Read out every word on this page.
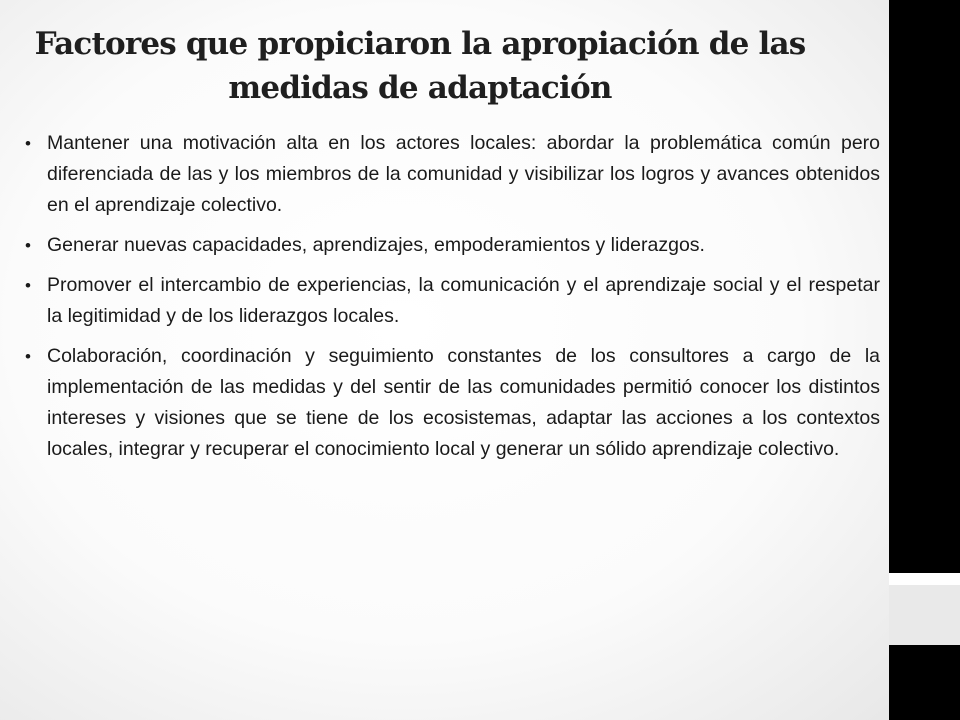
Factores que propiciaron la apropiación de las
medidas de adaptación
• Mantener una motivación alta en los actores locales: abordar la problemática común pero diferenciada de las y los miembros de la comunidad y visibilizar los logros y avances obtenidos en el aprendizaje colectivo.
• Generar nuevas capacidades, aprendizajes, empoderamientos y liderazgos.
• Promover el intercambio de experiencias, la comunicación y el aprendizaje social y el respetar la legitimidad y de los liderazgos locales.
• Colaboración, coordinación y seguimiento constantes de los consultores a cargo de la implementación de las medidas y del sentir de las comunidades permitió conocer los distintos intereses y visiones que se tiene de los ecosistemas, adaptar las acciones a los contextos locales, integrar y recuperar el conocimiento local y generar un sólido aprendizaje colectivo.
